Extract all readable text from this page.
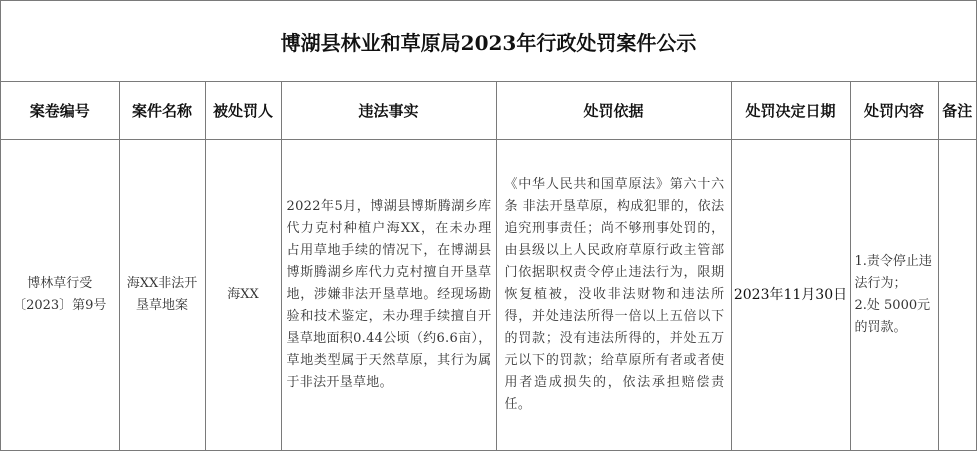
博湖县林业和草原局2023年行政处罚案件公示
案卷编号	案件名称	被处罚人	违法事实	处罚依据	处罚决定日期	处罚内容	备注

博林草行受〔2023〕第9号	海XX非法开垦草地案	海XX	2022年5月，博湖县博斯腾湖乡库代力克村种植户海XX，在未办理占用草地手续的情况下，在博湖县博斯腾湖乡库代力克村擅自开垦草地，涉嫌非法开垦草地。经现场勘验和技术鉴定，未办理手续擅自开垦草地面积0.44公顷（约6.6亩），草地类型属于天然草原，其行为属于非法开垦草地。	《中华人民共和国草原法》第六十六条 非法开垦草原，构成犯罪的，依法追究刑事责任；尚不够刑事处罚的，由县级以上人民政府草原行政主管部门依据职权责令停止违法行为，限期恢复植被，没收非法财物和违法所得，并处违法所得一倍以上五倍以下的罚款；没有违法所得的，并处五万元以下的罚款；给草原所有者或者使用者造成损失的，依法承担赔偿责任。	2023年11月30日	1.责令停止违法行为；
2.处 5000元的罚款。	
